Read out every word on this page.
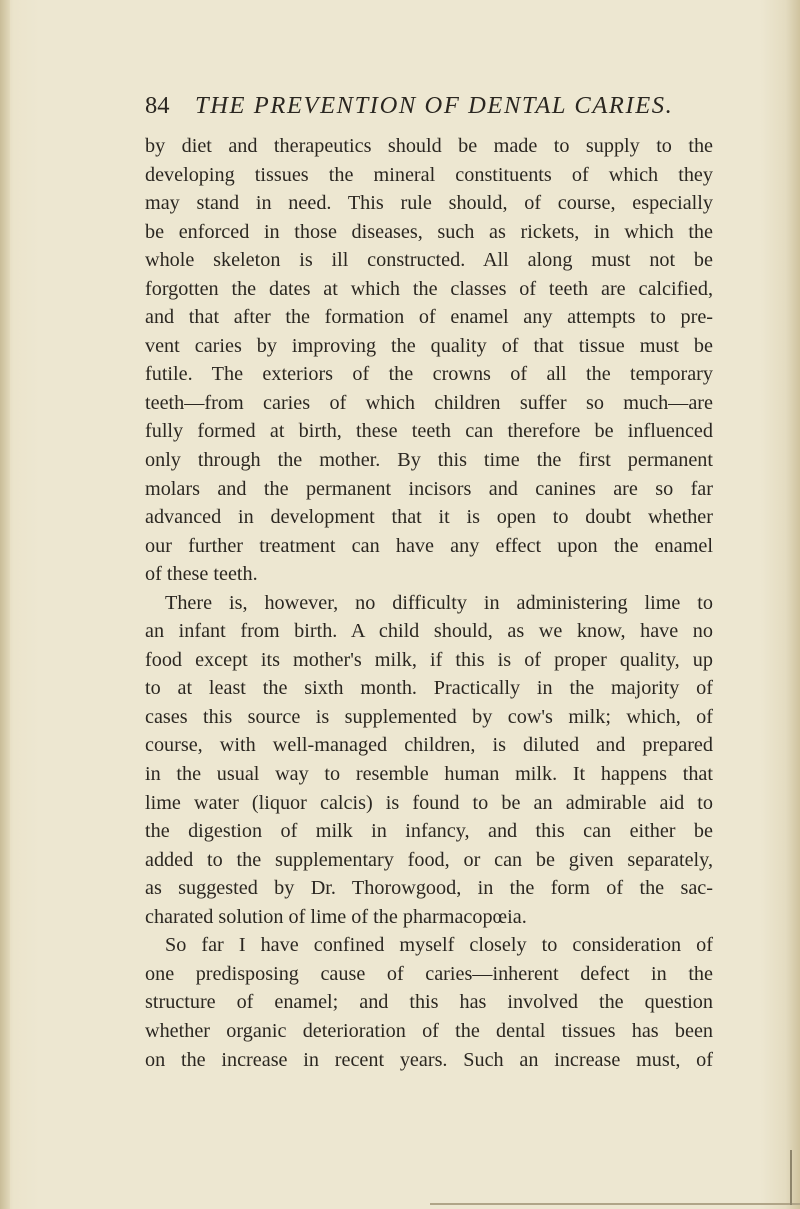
84 THE PREVENTION OF DENTAL CARIES.
by diet and therapeutics should be made to supply to the
developing tissues the mineral constituents of which they
may stand in need. This rule should, of course, especially
be enforced in those diseases, such as rickets, in which the
whole skeleton is ill constructed. All along must not be
forgotten the dates at which the classes of teeth are calcified,
and that after the formation of enamel any attempts to pre-
vent caries by improving the quality of that tissue must be
futile. The exteriors of the crowns of all the temporary
teeth—from caries of which children suffer so much—are
fully formed at birth, these teeth can therefore be influenced
only through the mother. By this time the first permanent
molars and the permanent incisors and canines are so far
advanced in development that it is open to doubt whether
our further treatment can have any effect upon the enamel
of these teeth.
There is, however, no difficulty in administering lime to
an infant from birth. A child should, as we know, have no
food except its mother's milk, if this is of proper quality, up
to at least the sixth month. Practically in the majority of
cases this source is supplemented by cow's milk; which, of
course, with well-managed children, is diluted and prepared
in the usual way to resemble human milk. It happens that
lime water (liquor calcis) is found to be an admirable aid to
the digestion of milk in infancy, and this can either be
added to the supplementary food, or can be given separately,
as suggested by Dr. Thorowgood, in the form of the sac-
charated solution of lime of the pharmacopœia.
So far I have confined myself closely to consideration of
one predisposing cause of caries—inherent defect in the
structure of enamel; and this has involved the question
whether organic deterioration of the dental tissues has been
on the increase in recent years. Such an increase must, of
